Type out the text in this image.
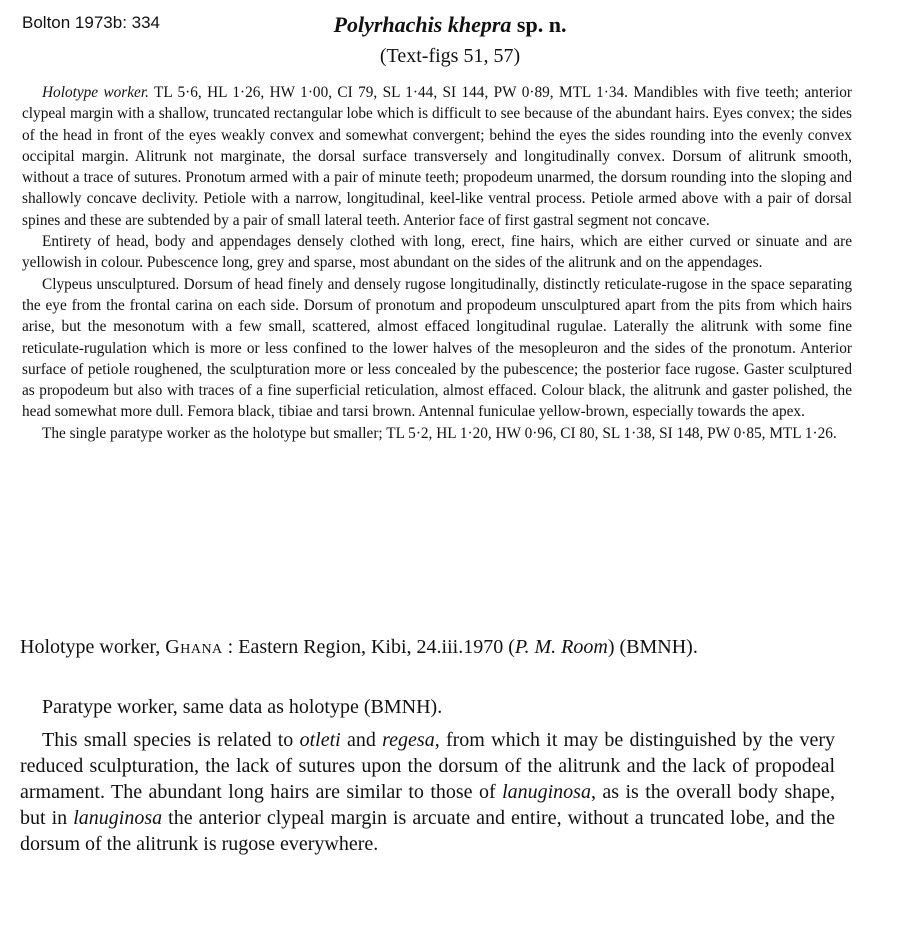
Bolton 1973b: 334	Polyrhachis khepra sp. n.
(Text-figs 51, 57)

Holotype worker. TL 5·6, HL 1·26, HW 1·00, CI 79, SL 1·44, SI 144, PW 0·89, MTL 1·34. Mandibles with five teeth; anterior clypeal margin with a shallow, truncated rectangular lobe which is difficult to see because of the abundant hairs. Eyes convex; the sides of the head in front of the eyes weakly convex and somewhat convergent; behind the eyes the sides rounding into the evenly convex occipital margin. Alitrunk not marginate, the dorsal surface transversely and longitudinally convex. Dorsum of alitrunk smooth, without a trace of sutures. Pronotum armed with a pair of minute teeth; propodeum unarmed, the dorsum rounding into the sloping and shallowly concave declivity. Petiole with a narrow, longitudinal, keel-like ventral process. Petiole armed above with a pair of dorsal spines and these are subtended by a pair of small lateral teeth. Anterior face of first gastral segment not concave.

Entirety of head, body and appendages densely clothed with long, erect, fine hairs, which are either curved or sinuate and are yellowish in colour. Pubescence long, grey and sparse, most abundant on the sides of the alitrunk and on the appendages.

Clypeus unsculptured. Dorsum of head finely and densely rugose longitudinally, distinctly reticulate-rugose in the space separating the eye from the frontal carina on each side. Dorsum of pronotum and propodeum unsculptured apart from the pits from which hairs arise, but the mesonotum with a few small, scattered, almost effaced longitudinal rugulae. Laterally the alitrunk with some fine reticulate-rugulation which is more or less confined to the lower halves of the mesopleuron and the sides of the pronotum. Anterior surface of petiole roughened, the sculpturation more or less concealed by the pubescence; the posterior face rugose. Gaster sculptured as propodeum but also with traces of a fine superficial reticulation, almost effaced. Colour black, the alitrunk and gaster polished, the head somewhat more dull. Femora black, tibiae and tarsi brown. Antennal funiculae yellow-brown, especially towards the apex.

The single paratype worker as the holotype but smaller; TL 5·2, HL 1·20, HW 0·96, CI 80, SL 1·38, SI 148, PW 0·85, MTL 1·26.

Holotype worker, Ghana : Eastern Region, Kibi, 24.iii.1970 (P. M. Room) (BMNH).

Paratype worker, same data as holotype (BMNH).

This small species is related to otleti and regesa, from which it may be distinguished by the very reduced sculpturation, the lack of sutures upon the dorsum of the alitrunk and the lack of propodeal armament. The abundant long hairs are similar to those of lanuginosa, as is the overall body shape, but in lanuginosa the anterior clypeal margin is arcuate and entire, without a truncated lobe, and the dorsum of the alitrunk is rugose everywhere.
